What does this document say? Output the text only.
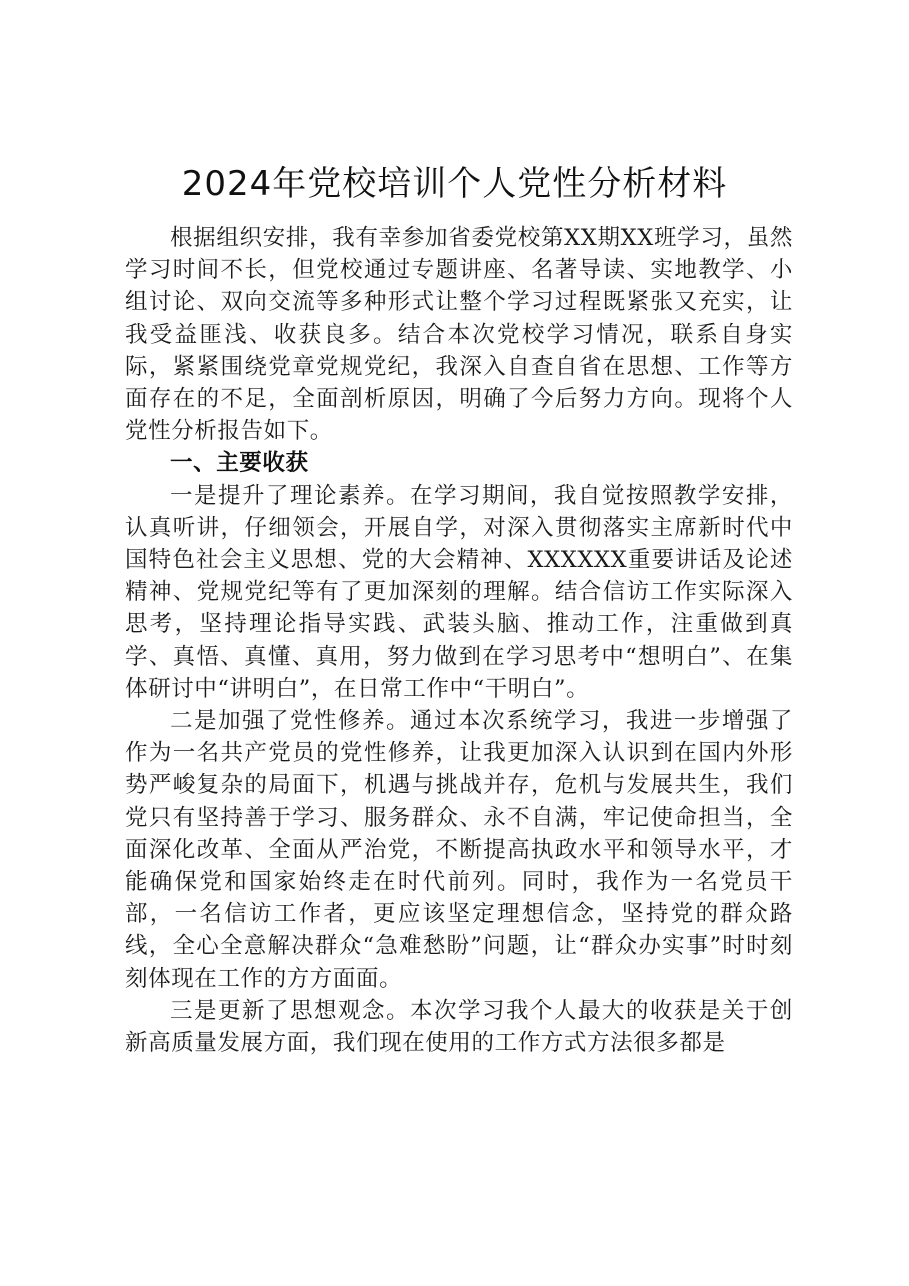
2024年党校培训个人党性分析材料

根据组织安排，我有幸参加省委党校第XX期XX班学习，虽然学习时间不长，但党校通过专题讲座、名著导读、实地教学、小组讨论、双向交流等多种形式让整个学习过程既紧张又充实，让我受益匪浅、收获良多。结合本次党校学习情况，联系自身实际，紧紧围绕党章党规党纪，我深入自查自省在思想、工作等方面存在的不足，全面剖析原因，明确了今后努力方向。现将个人党性分析报告如下。

一、主要收获

一是提升了理论素养。在学习期间，我自觉按照教学安排，认真听讲，仔细领会，开展自学，对深入贯彻落实主席新时代中国特色社会主义思想、党的大会精神、XXXXXX重要讲话及论述精神、党规党纪等有了更加深刻的理解。结合信访工作实际深入思考，坚持理论指导实践、武装头脑、推动工作，注重做到真学、真悟、真懂、真用，努力做到在学习思考中“想明白”、在集体研讨中“讲明白”，在日常工作中“干明白”。

二是加强了党性修养。通过本次系统学习，我进一步增强了作为一名共产党员的党性修养，让我更加深入认识到在国内外形势严峻复杂的局面下，机遇与挑战并存，危机与发展共生，我们党只有坚持善于学习、服务群众、永不自满，牢记使命担当，全面深化改革、全面从严治党，不断提高执政水平和领导水平，才能确保党和国家始终走在时代前列。同时，我作为一名党员干部，一名信访工作者，更应该坚定理想信念，坚持党的群众路线，全心全意解决群众“急难愁盼”问题，让“群众办实事”时时刻刻体现在工作的方方面面。

三是更新了思想观念。本次学习我个人最大的收获是关于创新高质量发展方面，我们现在使用的工作方式方法很多都是
